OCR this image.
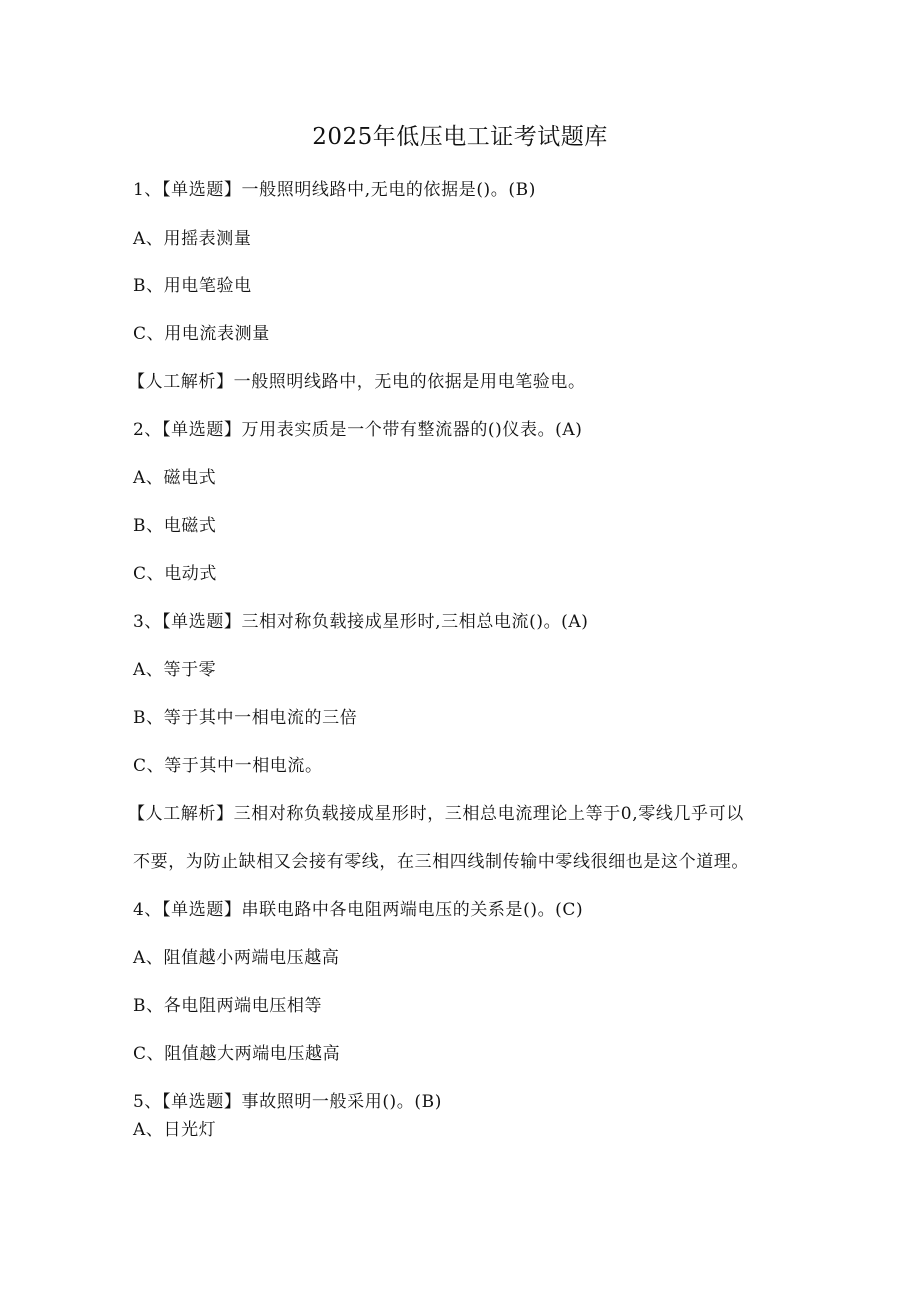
2025年低压电工证考试题库
1、【单选题】一般照明线路中,无电的依据是()。(B)
A、用摇表测量
B、用电笔验电
C、用电流表测量
【人工解析】一般照明线路中，无电的依据是用电笔验电。
2、【单选题】万用表实质是一个带有整流器的()仪表。(A)
A、磁电式
B、电磁式
C、电动式
3、【单选题】三相对称负载接成星形时,三相总电流()。(A)
A、等于零
B、等于其中一相电流的三倍
C、等于其中一相电流。
【人工解析】三相对称负载接成星形时，三相总电流理论上等于0,零线几乎可以
不要，为防止缺相又会接有零线，在三相四线制传输中零线很细也是这个道理。
4、【单选题】串联电路中各电阻两端电压的关系是()。(C)
A、阻值越小两端电压越高
B、各电阻两端电压相等
C、阻值越大两端电压越高
5、【单选题】事故照明一般采用()。(B)
A、日光灯
